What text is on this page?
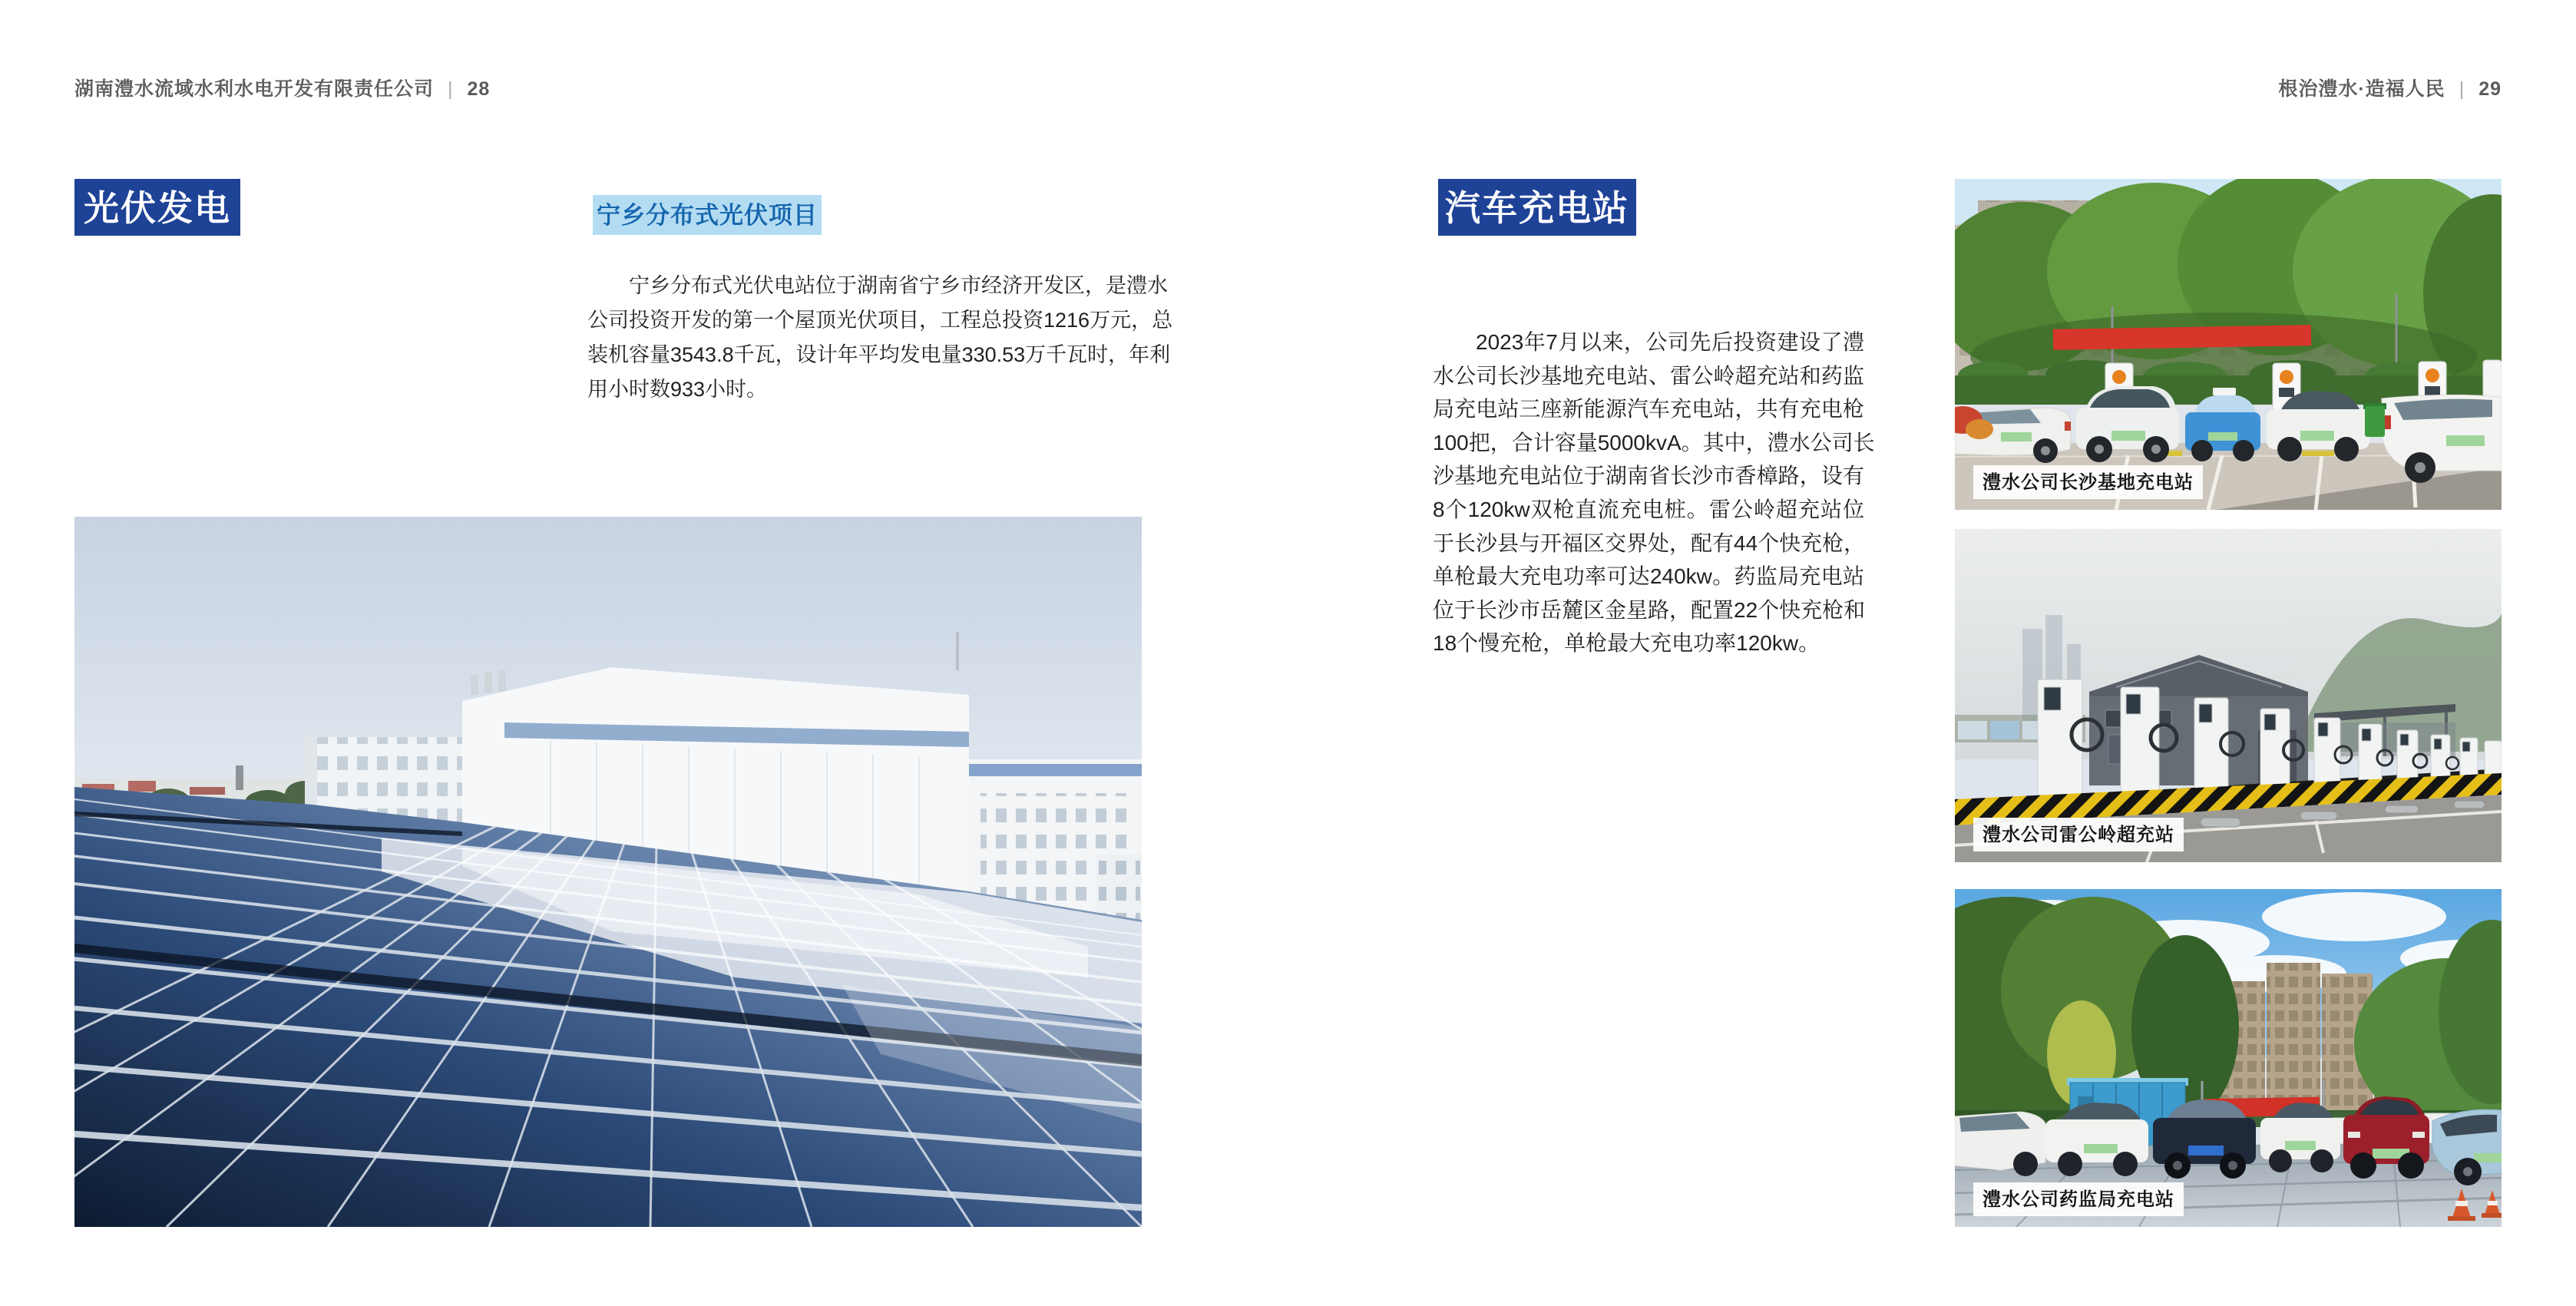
湖南澧水流域水利水电开发有限责任公司 | 28	根治澧水·造福人民 | 29
光伏发电	宁乡分布式光伏项目
宁乡分布式光伏电站位于湖南省宁乡市经济开发区，是澧水
公司投资开发的第一个屋顶光伏项目，工程总投资1216万元，总
装机容量3543.8千瓦，设计年平均发电量330.53万千瓦时，年利
用小时数933小时。
汽车充电站
2023年7月以来，公司先后投资建设了澧
水公司长沙基地充电站、雷公岭超充站和药监
局充电站三座新能源汽车充电站，共有充电枪
100把，合计容量5000kvA。其中，澧水公司长
沙基地充电站位于湖南省长沙市香樟路，设有
8个120kw双枪直流充电桩。雷公岭超充站位
于长沙县与开福区交界处，配有44个快充枪，
单枪最大充电功率可达240kw。药监局充电站
位于长沙市岳麓区金星路，配置22个快充枪和
18个慢充枪，单枪最大充电功率120kw。
澧水公司长沙基地充电站
澧水公司雷公岭超充站
澧水公司药监局充电站
